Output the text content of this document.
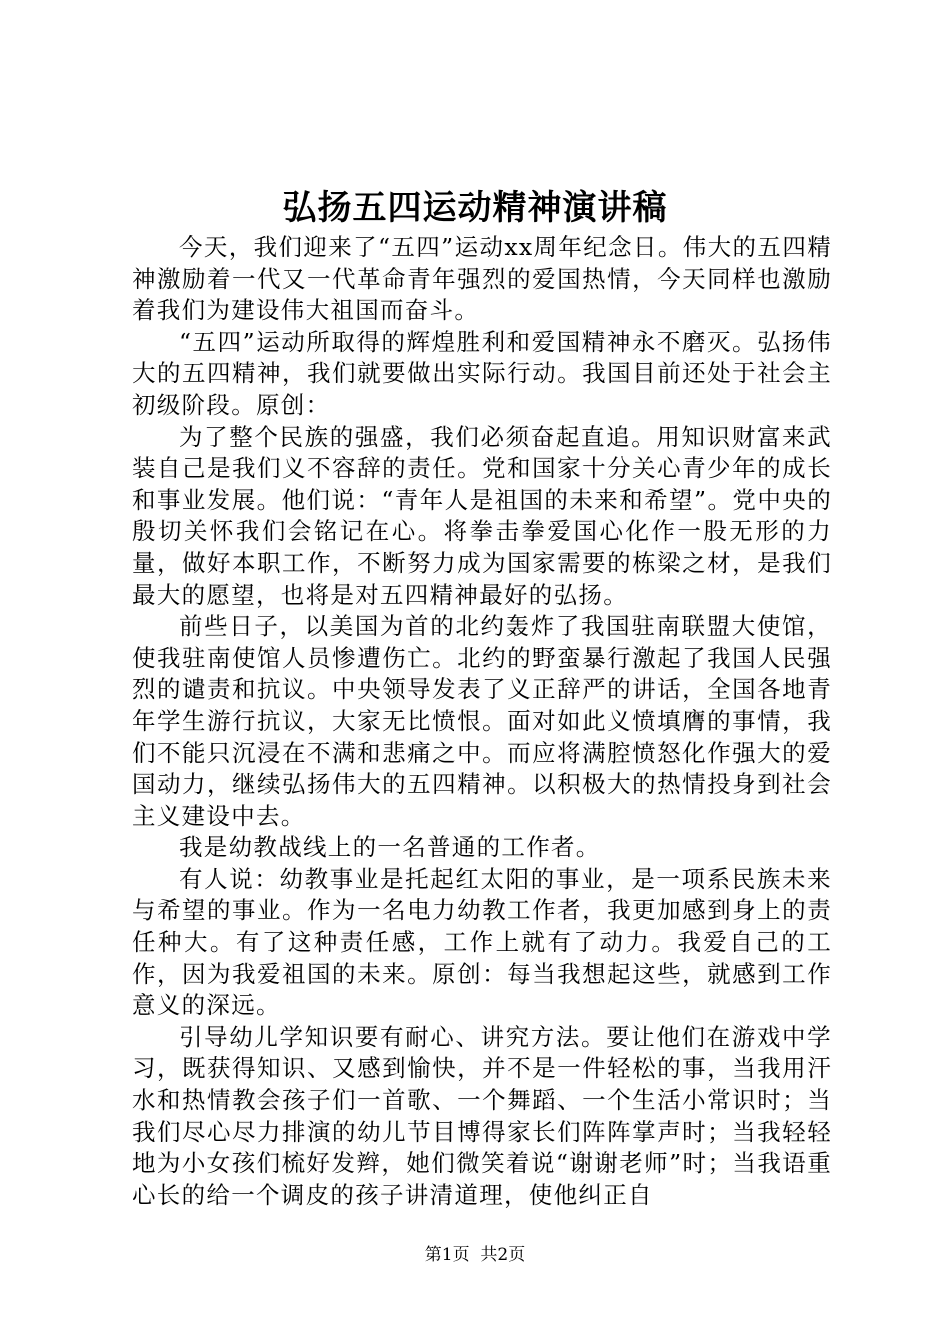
弘扬五四运动精神演讲稿

今天，我们迎来了“五四”运动xx周年纪念日。伟大的五四精神激励着一代又一代革命青年强烈的爱国热情，今天同样也激励着我们为建设伟大祖国而奋斗。

“五四”运动所取得的辉煌胜利和爱国精神永不磨灭。弘扬伟大的五四精神，我们就要做出实际行动。我国目前还处于社会主初级阶段。原创：

为了整个民族的强盛，我们必须奋起直追。用知识财富来武装自己是我们义不容辞的责任。党和国家十分关心青少年的成长和事业发展。他们说：“青年人是祖国的未来和希望”。党中央的殷切关怀我们会铭记在心。将拳击拳爱国心化作一股无形的力量，做好本职工作，不断努力成为国家需要的栋梁之材，是我们最大的愿望，也将是对五四精神最好的弘扬。

前些日子，以美国为首的北约轰炸了我国驻南联盟大使馆，使我驻南使馆人员惨遭伤亡。北约的野蛮暴行激起了我国人民强烈的谴责和抗议。中央领导发表了义正辞严的讲话，全国各地青年学生游行抗议，大家无比愤恨。面对如此义愤填膺的事情，我们不能只沉浸在不满和悲痛之中。而应将满腔愤怒化作强大的爱国动力，继续弘扬伟大的五四精神。以积极大的热情投身到社会主义建设中去。

我是幼教战线上的一名普通的工作者。

有人说：幼教事业是托起红太阳的事业，是一项系民族未来与希望的事业。作为一名电力幼教工作者，我更加感到身上的责任种大。有了这种责任感，工作上就有了动力。我爱自己的工作，因为我爱祖国的未来。原创：每当我想起这些，就感到工作意义的深远。

引导幼儿学知识要有耐心、讲究方法。要让他们在游戏中学习，既获得知识、又感到愉快，并不是一件轻松的事，当我用汗水和热情教会孩子们一首歌、一个舞蹈、一个生活小常识时；当我们尽心尽力排演的幼儿节目博得家长们阵阵掌声时；当我轻轻地为小女孩们梳好发辫，她们微笑着说“谢谢老师”时；当我语重心长的给一个调皮的孩子讲清道理，使他纠正自

第1页 共2页
